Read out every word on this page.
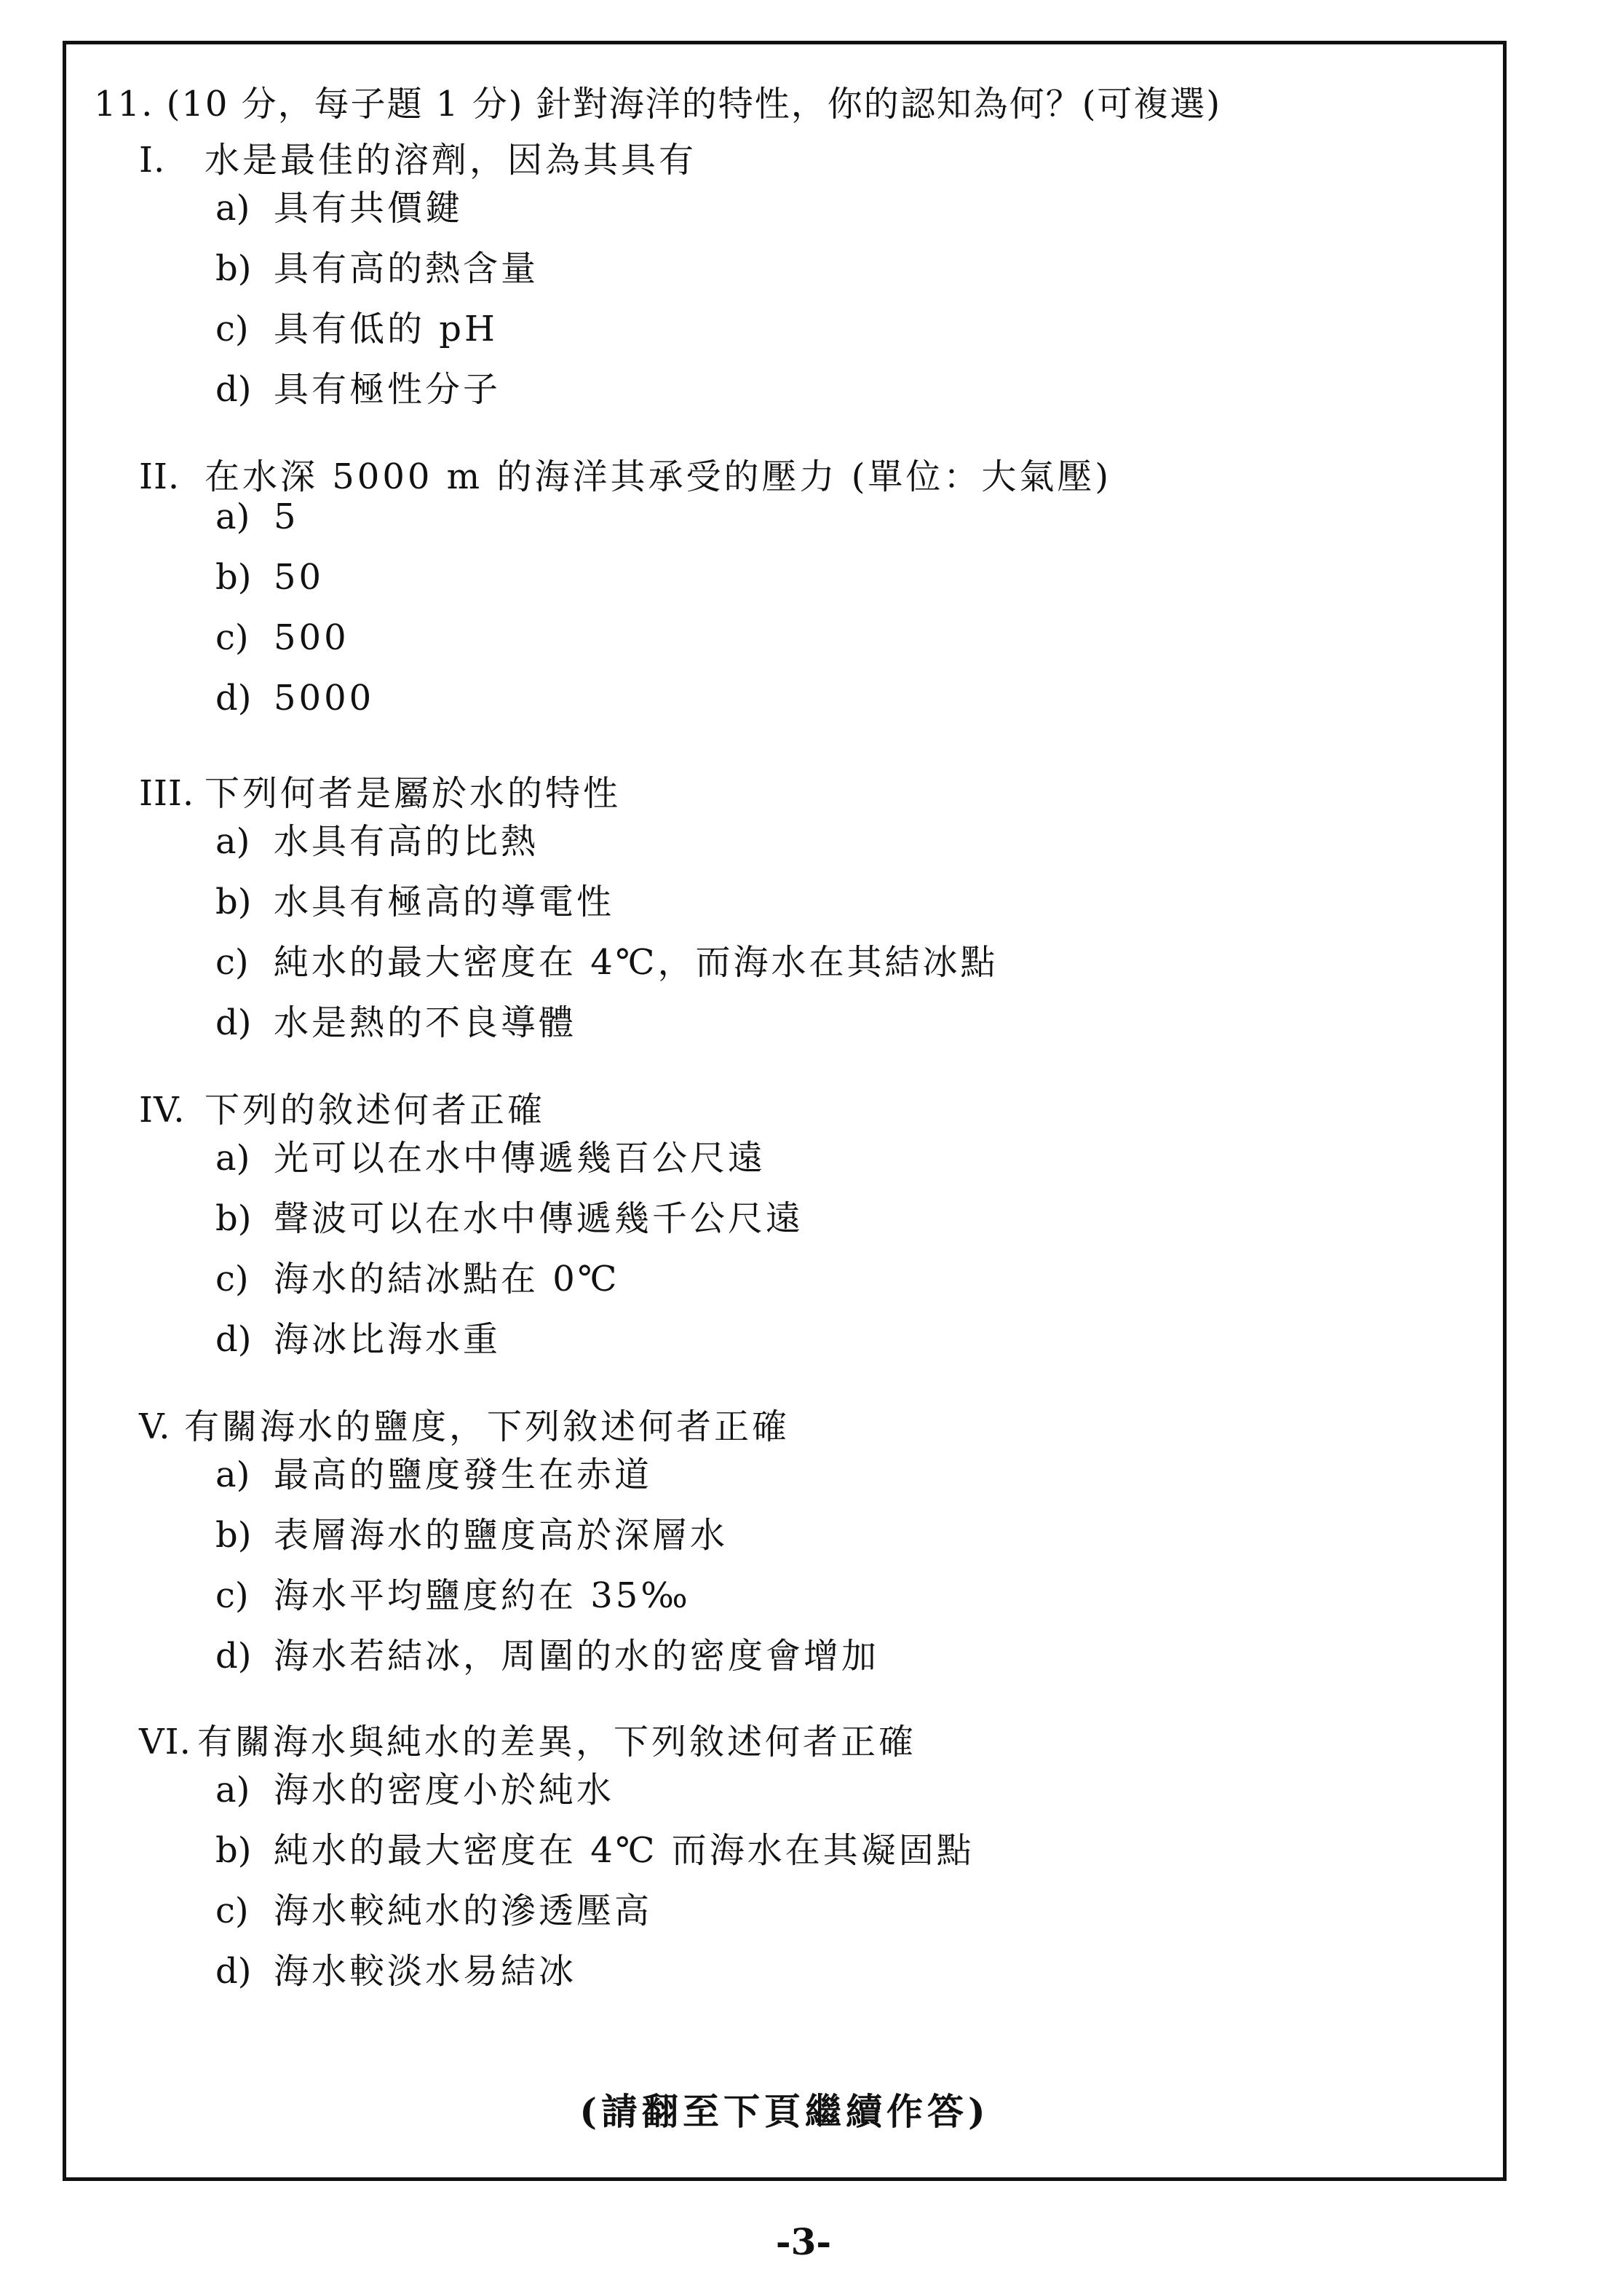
11. (10 分，每子題 1 分) 針對海洋的特性，你的認知為何？(可複選)
I.	水是最佳的溶劑，因為其具有
a) 具有共價鍵
b) 具有高的熱含量
c) 具有低的 pH
d) 具有極性分子
II. 在水深 5000 m 的海洋其承受的壓力 (單位：大氣壓)
a) 5
b) 50
c) 500
d) 5000
III. 下列何者是屬於水的特性
a) 水具有高的比熱
b) 水具有極高的導電性
c) 純水的最大密度在 4℃，而海水在其結冰點
d) 水是熱的不良導體
IV. 下列的敘述何者正確
a) 光可以在水中傳遞幾百公尺遠
b) 聲波可以在水中傳遞幾千公尺遠
c) 海水的結冰點在 0℃
d) 海冰比海水重
V. 有關海水的鹽度，下列敘述何者正確
a) 最高的鹽度發生在赤道
b) 表層海水的鹽度高於深層水
c) 海水平均鹽度約在 35‰
d) 海水若結冰，周圍的水的密度會增加
VI. 有關海水與純水的差異，下列敘述何者正確
a) 海水的密度小於純水
b) 純水的最大密度在 4℃ 而海水在其凝固點
c) 海水較純水的滲透壓高
d) 海水較淡水易結冰
(請翻至下頁繼續作答)
-3-
